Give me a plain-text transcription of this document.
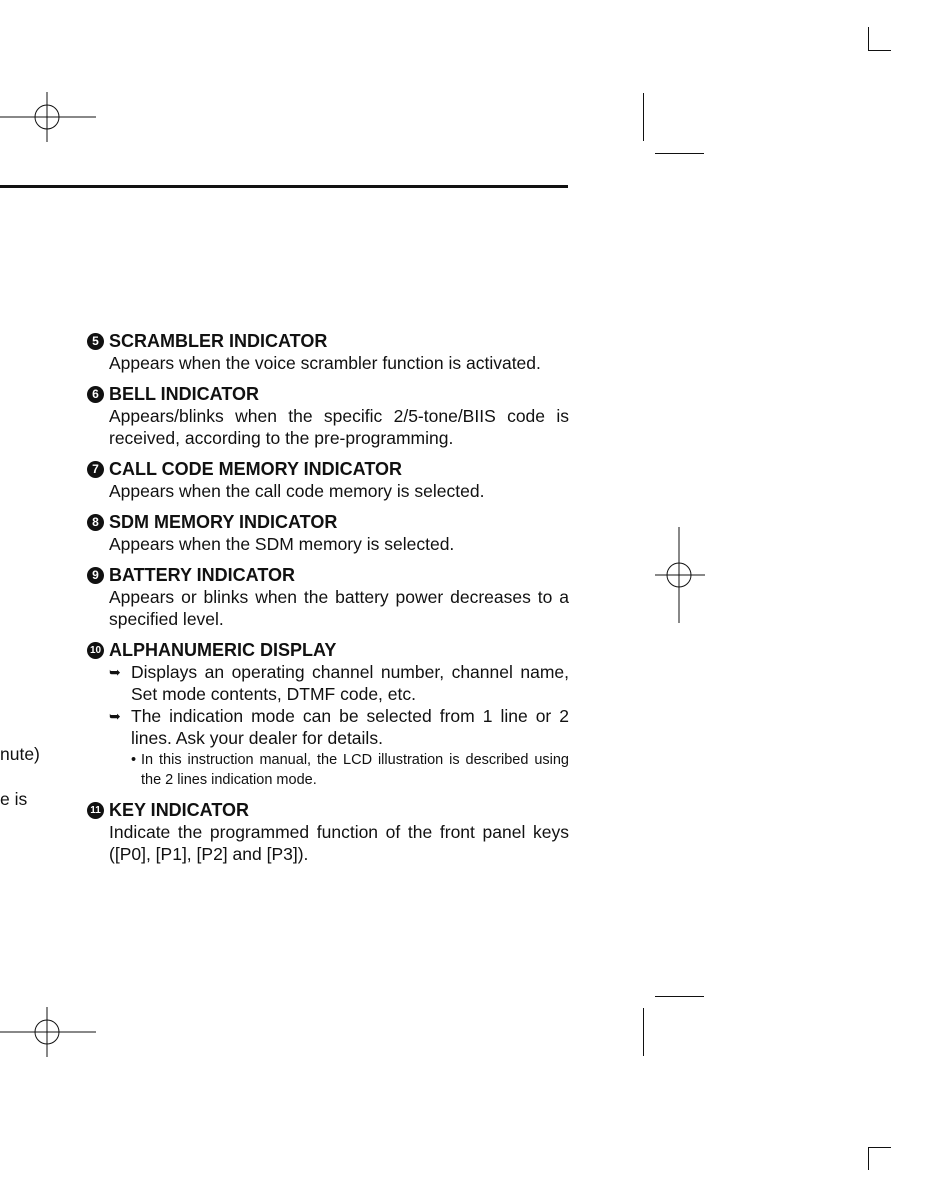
nute)
e is
5 SCRAMBLER INDICATOR
Appears when the voice scrambler function is activated.
6 BELL INDICATOR
Appears/blinks when the specific 2/5-tone/BIIS code is received, according to the pre-programming.
7 CALL CODE MEMORY INDICATOR
Appears when the call code memory is selected.
8 SDM MEMORY INDICATOR
Appears when the SDM memory is selected.
9 BATTERY INDICATOR
Appears or blinks when the battery power decreases to a specified level.
10 ALPHANUMERIC DISPLAY
➥ Displays an operating channel number, channel name, Set mode contents, DTMF code, etc.
➥ The indication mode can be selected from 1 line or 2 lines. Ask your dealer for details.
• In this instruction manual, the LCD illustration is described using the 2 lines indication mode.
11 KEY INDICATOR
Indicate the programmed function of the front panel keys ([P0], [P1], [P2] and [P3]).
